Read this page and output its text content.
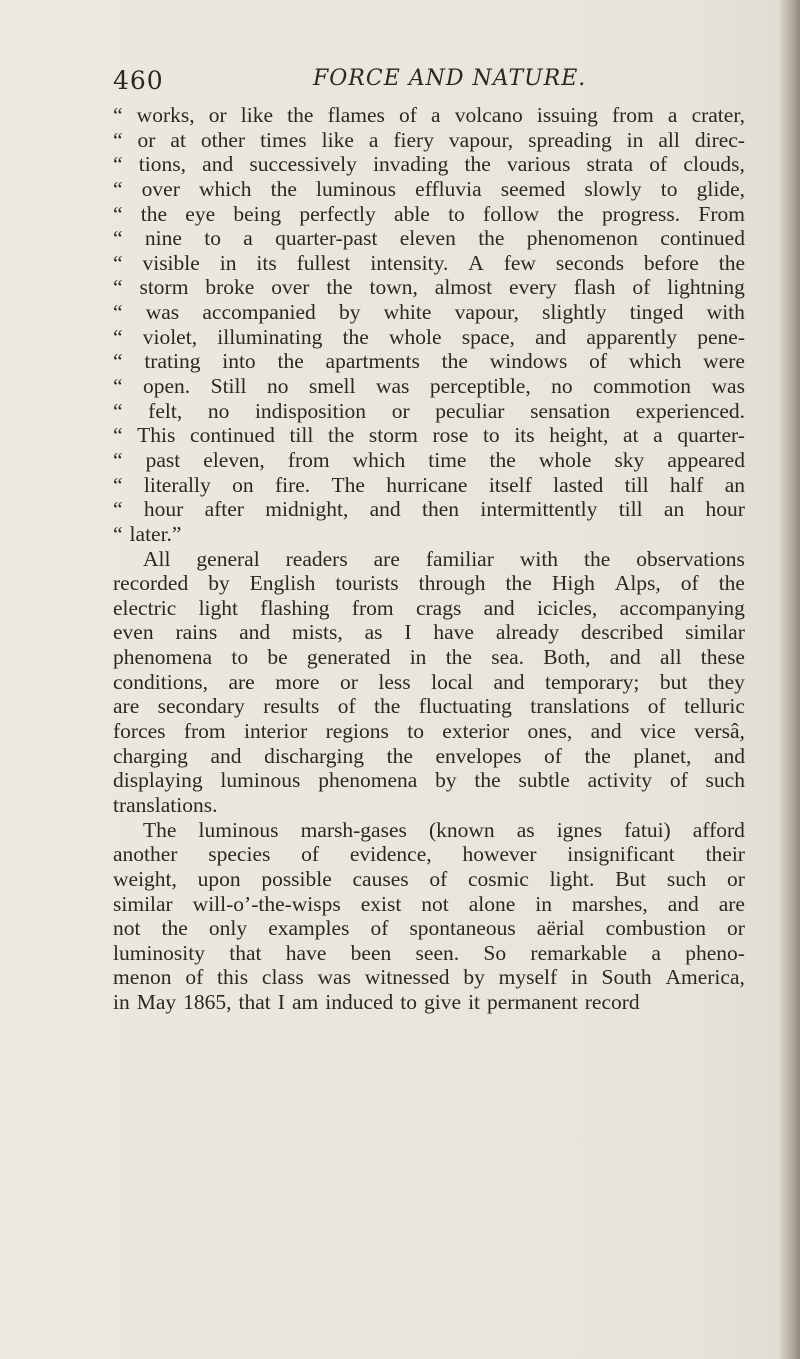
460	FORCE AND NATURE.
“ works, or like the flames of a volcano issuing from a crater,
“ or at other times like a fiery vapour, spreading in all direc-
“ tions, and successively invading the various strata of clouds,
“ over which the luminous effluvia seemed slowly to glide,
“ the eye being perfectly able to follow the progress. From
“ nine to a quarter-past eleven the phenomenon continued
“ visible in its fullest intensity. A few seconds before the
“ storm broke over the town, almost every flash of lightning
“ was accompanied by white vapour, slightly tinged with
“ violet, illuminating the whole space, and apparently pene-
“ trating into the apartments the windows of which were
“ open. Still no smell was perceptible, no commotion was
“ felt, no indisposition or peculiar sensation experienced.
“ This continued till the storm rose to its height, at a quarter-
“ past eleven, from which time the whole sky appeared
“ literally on fire. The hurricane itself lasted till half an
“ hour after midnight, and then intermittently till an hour
“ later.”
All general readers are familiar with the observations
recorded by English tourists through the High Alps, of the
electric light flashing from crags and icicles, accompanying
even rains and mists, as I have already described similar
phenomena to be generated in the sea. Both, and all these
conditions, are more or less local and temporary; but they
are secondary results of the fluctuating translations of telluric
forces from interior regions to exterior ones, and vice versâ,
charging and discharging the envelopes of the planet, and
displaying luminous phenomena by the subtle activity of such
translations.
The luminous marsh-gases (known as ignes fatui) afford
another species of evidence, however insignificant their
weight, upon possible causes of cosmic light. But such or
similar will-o’-the-wisps exist not alone in marshes, and are
not the only examples of spontaneous aërial combustion or
luminosity that have been seen. So remarkable a pheno-
menon of this class was witnessed by myself in South America,
in May 1865, that I am induced to give it permanent record
